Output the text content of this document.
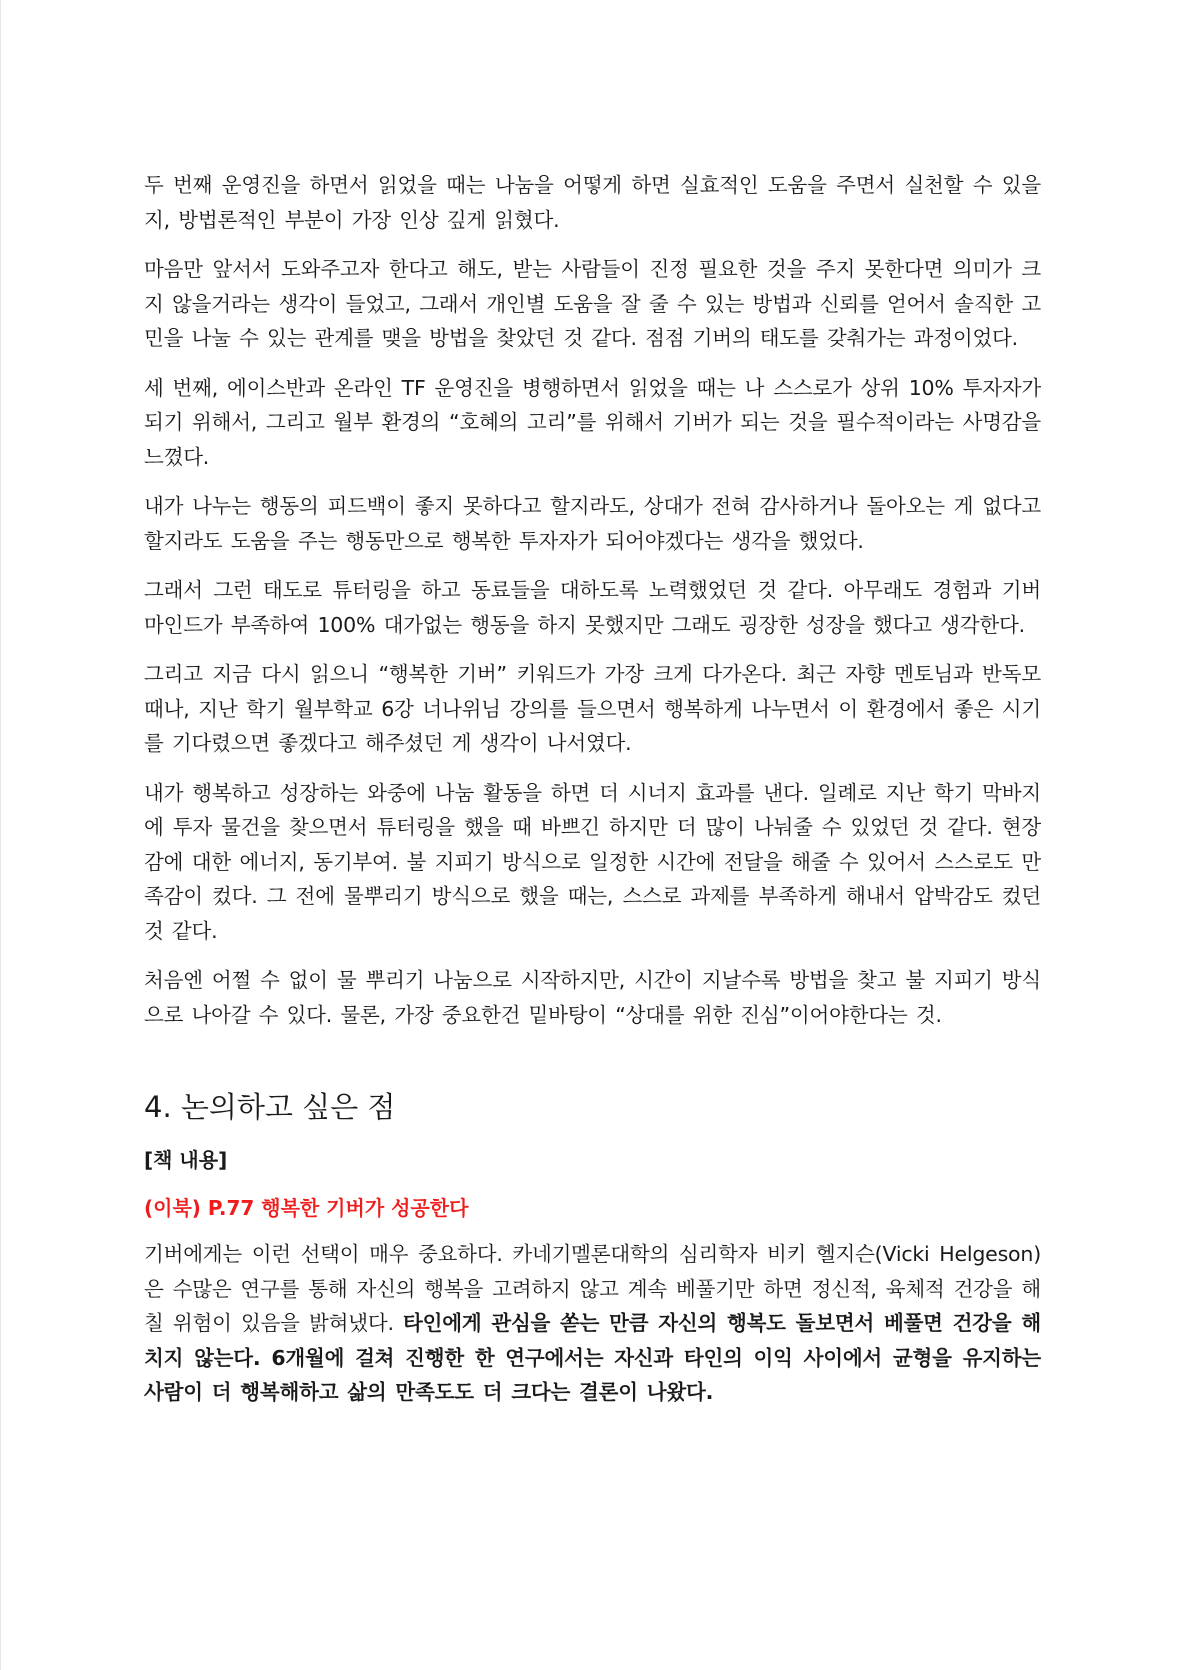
두 번째 운영진을 하면서 읽었을 때는 나눔을 어떻게 하면 실효적인 도움을 주면서 실천할 수 있을지, 방법론적인 부분이 가장 인상 깊게 읽혔다.

마음만 앞서서 도와주고자 한다고 해도, 받는 사람들이 진정 필요한 것을 주지 못한다면 의미가 크지 않을거라는 생각이 들었고, 그래서 개인별 도움을 잘 줄 수 있는 방법과 신뢰를 얻어서 솔직한 고민을 나눌 수 있는 관계를 맺을 방법을 찾았던 것 같다. 점점 기버의 태도를 갖춰가는 과정이었다.

세 번째, 에이스반과 온라인 TF 운영진을 병행하면서 읽었을 때는 나 스스로가 상위 10% 투자자가 되기 위해서, 그리고 월부 환경의 “호혜의 고리”를 위해서 기버가 되는 것을 필수적이라는 사명감을 느꼈다.

내가 나누는 행동의 피드백이 좋지 못하다고 할지라도, 상대가 전혀 감사하거나 돌아오는 게 없다고 할지라도 도움을 주는 행동만으로 행복한 투자자가 되어야겠다는 생각을 했었다.

그래서 그런 태도로 튜터링을 하고 동료들을 대하도록 노력했었던 것 같다. 아무래도 경험과 기버 마인드가 부족하여 100% 대가없는 행동을 하지 못했지만 그래도 굉장한 성장을 했다고 생각한다.

그리고 지금 다시 읽으니 “행복한 기버” 키워드가 가장 크게 다가온다. 최근 자향 멘토님과 반독모 때나, 지난 학기 월부학교 6강 너나위님 강의를 들으면서 행복하게 나누면서 이 환경에서 좋은 시기를 기다렸으면 좋겠다고 해주셨던 게 생각이 나서였다.

내가 행복하고 성장하는 와중에 나눔 활동을 하면 더 시너지 효과를 낸다. 일례로 지난 학기 막바지에 투자 물건을 찾으면서 튜터링을 했을 때 바쁘긴 하지만 더 많이 나눠줄 수 있었던 것 같다. 현장감에 대한 에너지, 동기부여. 불 지피기 방식으로 일정한 시간에 전달을 해줄 수 있어서 스스로도 만족감이 컸다. 그 전에 물뿌리기 방식으로 했을 때는, 스스로 과제를 부족하게 해내서 압박감도 컸던 것 같다.

처음엔 어쩔 수 없이 물 뿌리기 나눔으로 시작하지만, 시간이 지날수록 방법을 찾고 불 지피기 방식으로 나아갈 수 있다. 물론, 가장 중요한건 밑바탕이 “상대를 위한 진심”이어야한다는 것.

4. 논의하고 싶은 점
[책 내용]
(이북) P.77 행복한 기버가 성공한다

기버에게는 이런 선택이 매우 중요하다. 카네기멜론대학의 심리학자 비키 헬지슨(Vicki Helgeson)은 수많은 연구를 통해 자신의 행복을 고려하지 않고 계속 베풀기만 하면 정신적, 육체적 건강을 해칠 위험이 있음을 밝혀냈다. 타인에게 관심을 쏟는 만큼 자신의 행복도 돌보면서 베풀면 건강을 해치지 않는다. 6개월에 걸쳐 진행한 한 연구에서는 자신과 타인의 이익 사이에서 균형을 유지하는 사람이 더 행복해하고 삶의 만족도도 더 크다는 결론이 나왔다.
